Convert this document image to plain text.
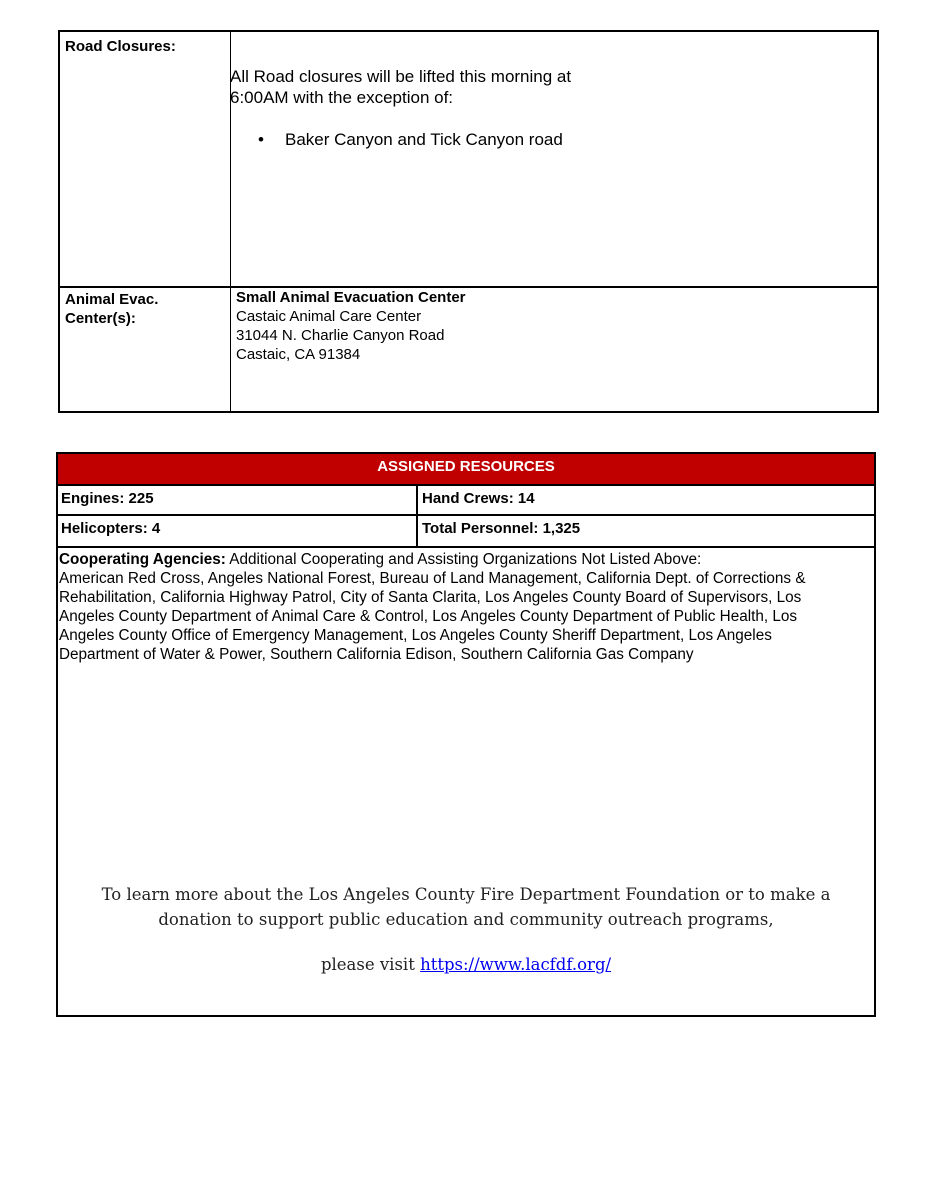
Road Closures:
All Road closures will be lifted this morning at
6:00AM with the exception of:
• Baker Canyon and Tick Canyon road
Animal Evac.
Center(s):
Small Animal Evacuation Center
Castaic Animal Care Center
31044 N. Charlie Canyon Road
Castaic, CA 91384
ASSIGNED RESOURCES
Engines: 225	Hand Crews: 14
Helicopters: 4	Total Personnel: 1,325
Cooperating Agencies: Additional Cooperating and Assisting Organizations Not Listed Above:
American Red Cross, Angeles National Forest, Bureau of Land Management, California Dept. of Corrections &
Rehabilitation, California Highway Patrol, City of Santa Clarita, Los Angeles County Board of Supervisors, Los
Angeles County Department of Animal Care & Control, Los Angeles County Department of Public Health, Los
Angeles County Office of Emergency Management, Los Angeles County Sheriff Department, Los Angeles
Department of Water & Power, Southern California Edison, Southern California Gas Company
To learn more about the Los Angeles County Fire Department Foundation or to make a
donation to support public education and community outreach programs,
please visit https://www.lacfdf.org/
